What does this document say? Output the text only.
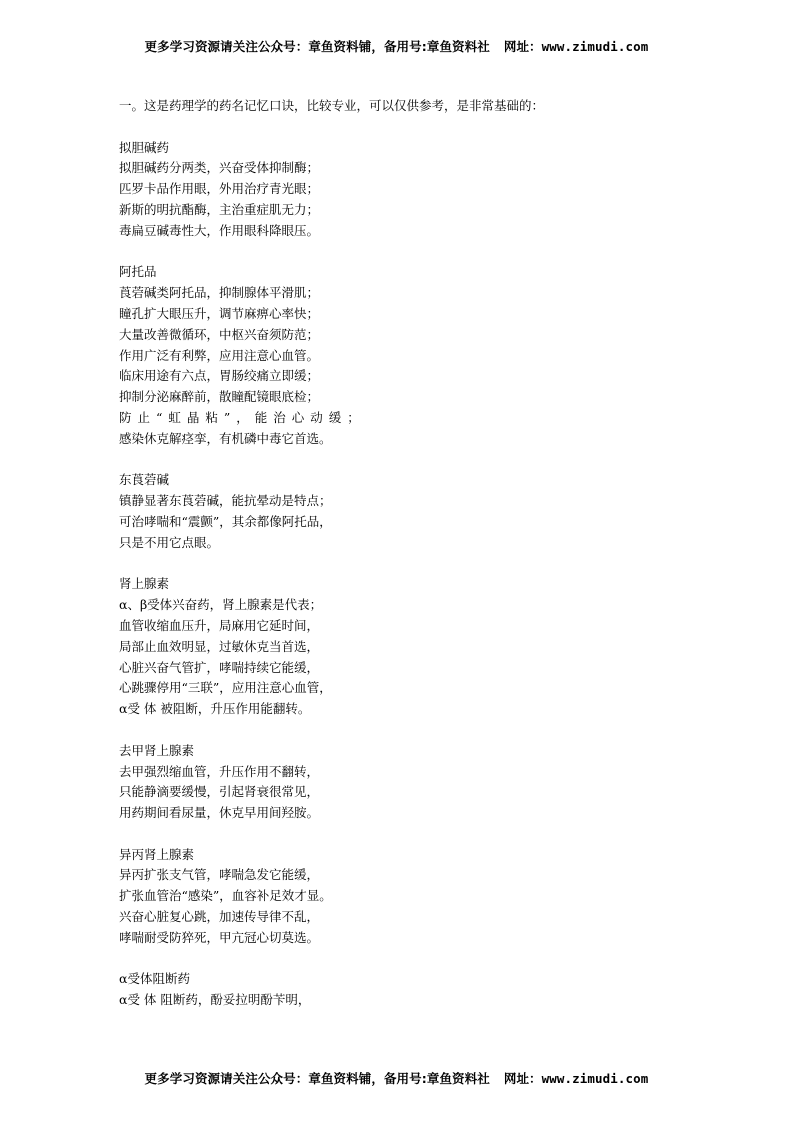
更多学习资源请关注公众号：章鱼资料铺，备用号:章鱼资料社 网址：www.zimudi.com
一。这是药理学的药名记忆口诀，比较专业，可以仅供参考，是非常基础的：
拟胆碱药
拟胆碱药分两类，兴奋受体抑制酶；
匹罗卡品作用眼，外用治疗青光眼；
新斯的明抗酯酶，主治重症肌无力；
毒扁豆碱毒性大，作用眼科降眼压。
阿托品
莨菪碱类阿托品，抑制腺体平滑肌；
瞳孔扩大眼压升，调节麻痹心率快；
大量改善微循环，中枢兴奋须防范；
作用广泛有利弊，应用注意心血管。
临床用途有六点，胃肠绞痛立即缓；
抑制分泌麻醉前，散瞳配镜眼底检；
防止“虹晶粘”，能治心动缓；
感染休克解痉挛，有机磷中毒它首选。
东莨菪碱
镇静显著东莨菪碱，能抗晕动是特点；
可治哮喘和“震颤”，其余都像阿托品，
只是不用它点眼。
肾上腺素
α、β受体兴奋药，肾上腺素是代表；
血管收缩血压升，局麻用它延时间，
局部止血效明显，过敏休克当首选，
心脏兴奋气管扩，哮喘持续它能缓，
心跳骤停用“三联”，应用注意心血管，
α受 体 被阻断，升压作用能翻转。
去甲肾上腺素
去甲强烈缩血管，升压作用不翻转，
只能静滴要缓慢，引起肾衰很常见，
用药期间看尿量，休克早用间羟胺。
异丙肾上腺素
异丙扩张支气管，哮喘急发它能缓，
扩张血管治“感染”，血容补足效才显。
兴奋心脏复心跳，加速传导律不乱，
哮喘耐受防猝死，甲亢冠心切莫选。
α受体阻断药
α受 体 阻断药，酚妥拉明酚苄明，
更多学习资源请关注公众号：章鱼资料铺，备用号:章鱼资料社 网址：www.zimudi.com
